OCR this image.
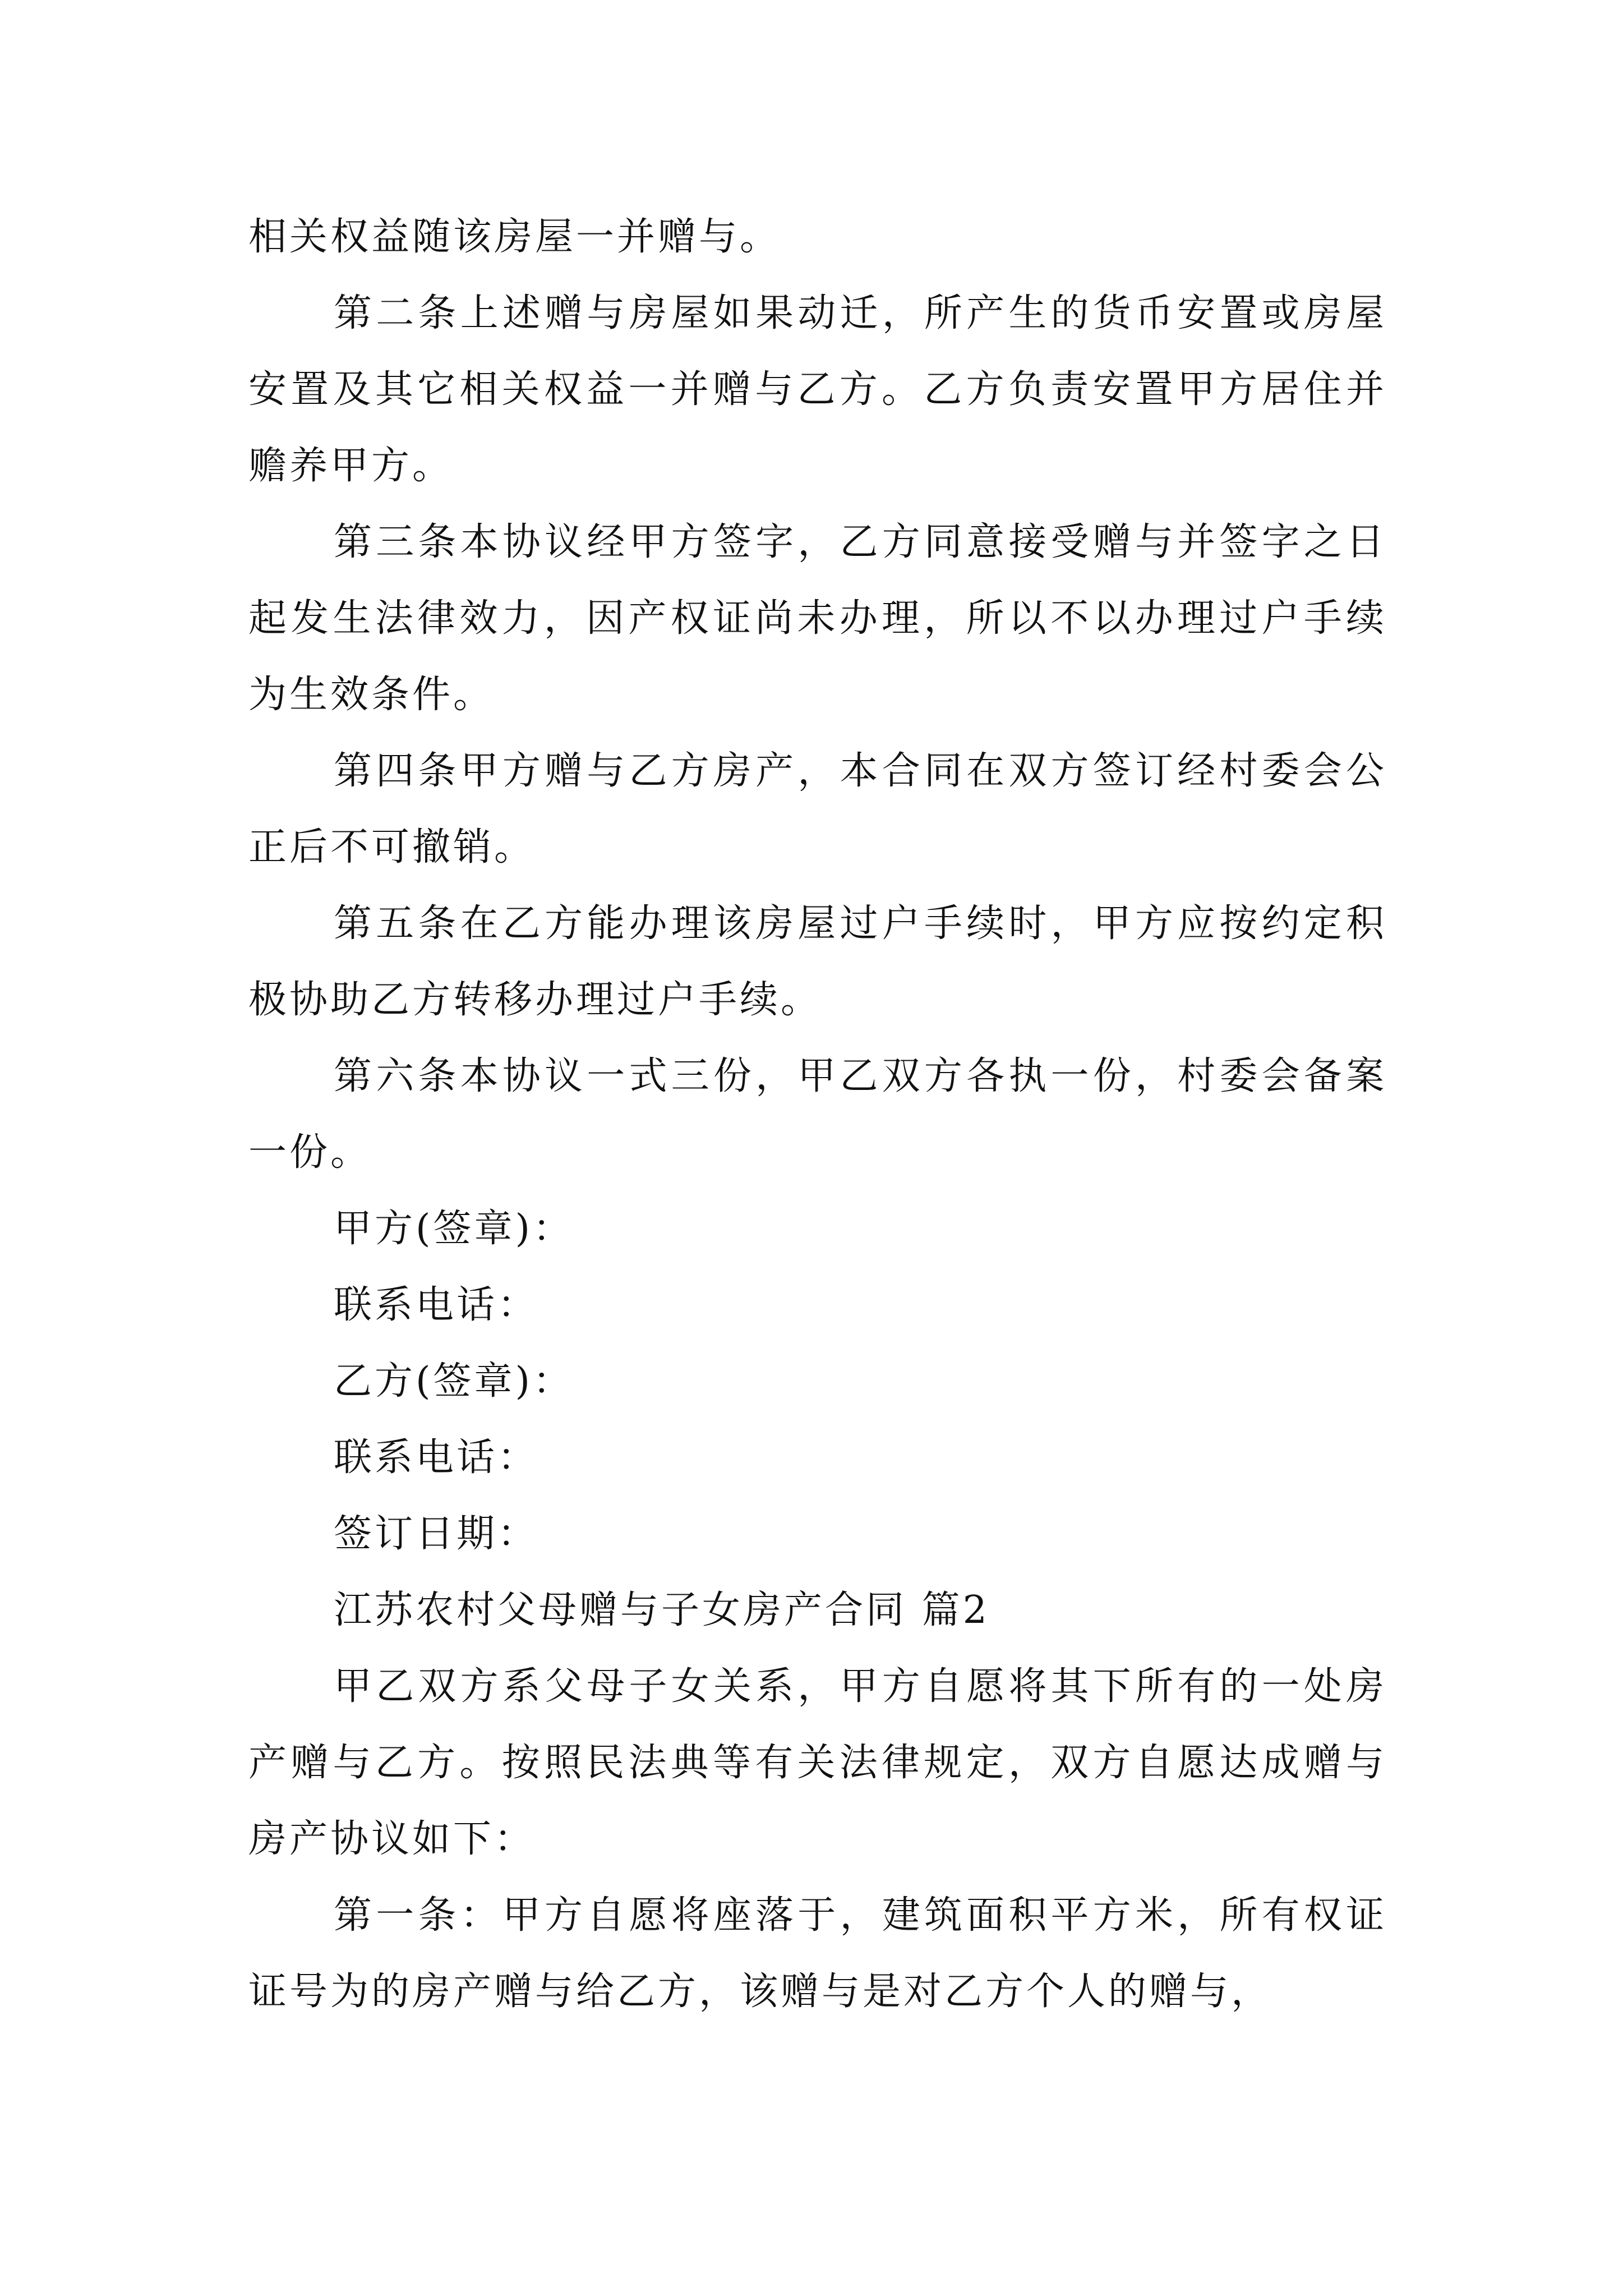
相关权益随该房屋一并赠与。

第二条上述赠与房屋如果动迁，所产生的货币安置或房屋安置及其它相关权益一并赠与乙方。乙方负责安置甲方居住并赡养甲方。

第三条本协议经甲方签字，乙方同意接受赠与并签字之日起发生法律效力，因产权证尚未办理，所以不以办理过户手续为生效条件。

第四条甲方赠与乙方房产，本合同在双方签订经村委会公正后不可撤销。

第五条在乙方能办理该房屋过户手续时，甲方应按约定积极协助乙方转移办理过户手续。

第六条本协议一式三份，甲乙双方各执一份，村委会备案一份。

甲方(签章)：

联系电话：

乙方(签章)：

联系电话：

签订日期：

江苏农村父母赠与子女房产合同 篇2

甲乙双方系父母子女关系，甲方自愿将其下所有的一处房产赠与乙方。按照民法典等有关法律规定，双方自愿达成赠与房产协议如下：

第一条：甲方自愿将座落于，建筑面积平方米，所有权证证号为的房产赠与给乙方，该赠与是对乙方个人的赠与，
